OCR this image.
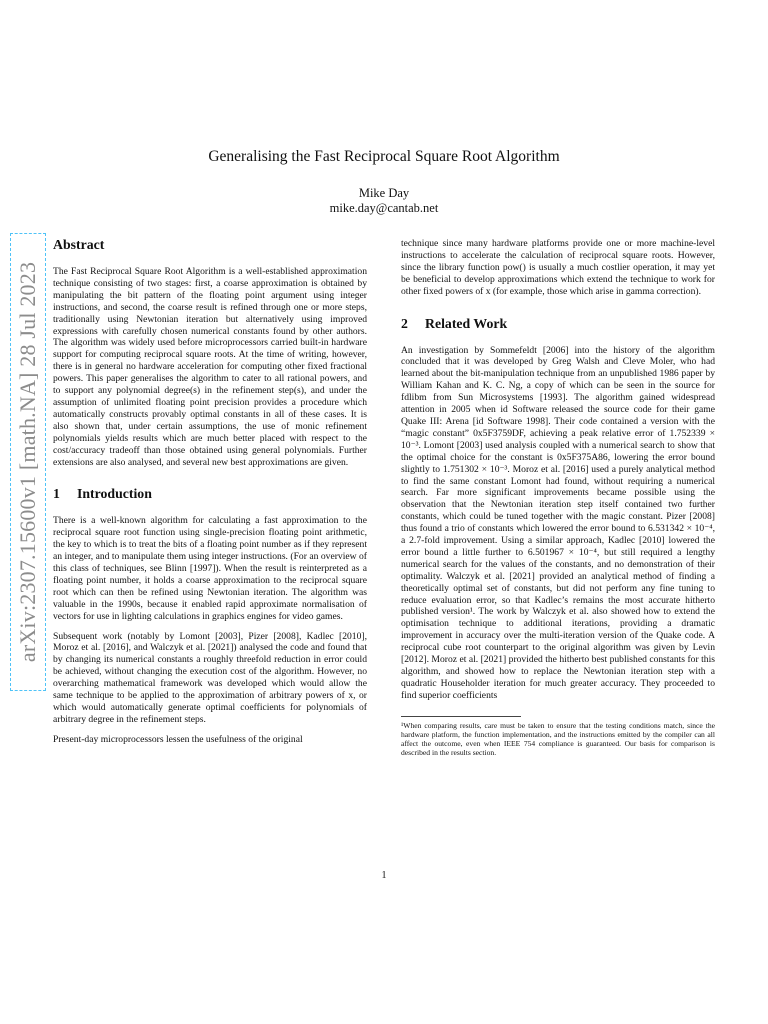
arXiv:2307.15600v1 [math.NA] 28 Jul 2023
Generalising the Fast Reciprocal Square Root Algorithm
Mike Day
mike.day@cantab.net
Abstract

The Fast Reciprocal Square Root Algorithm is a well-established approximation technique consisting of two stages: first, a coarse approximation is obtained by manipulating the bit pattern of the floating point argument using integer instructions, and second, the coarse result is refined through one or more steps, traditionally using Newtonian iteration but alternatively using improved expressions with carefully chosen numerical constants found by other authors. The algorithm was widely used before microprocessors carried built-in hardware support for computing reciprocal square roots. At the time of writing, however, there is in general no hardware acceleration for computing other fixed fractional powers. This paper generalises the algorithm to cater to all rational powers, and to support any polynomial degree(s) in the refinement step(s), and under the assumption of unlimited floating point precision provides a procedure which automatically constructs provably optimal constants in all of these cases. It is also shown that, under certain assumptions, the use of monic refinement polynomials yields results which are much better placed with respect to the cost/accuracy tradeoff than those obtained using general polynomials. Further extensions are also analysed, and several new best approximations are given.

1 Introduction

There is a well-known algorithm for calculating a fast approximation to the reciprocal square root function using single-precision floating point arithmetic, the key to which is to treat the bits of a floating point number as if they represent an integer, and to manipulate them using integer instructions. (For an overview of this class of techniques, see Blinn [1997]). When the result is reinterpreted as a floating point number, it holds a coarse approximation to the reciprocal square root which can then be refined using Newtonian iteration. The algorithm was valuable in the 1990s, because it enabled rapid approximate normalisation of vectors for use in lighting calculations in graphics engines for video games.

Subsequent work (notably by Lomont [2003], Pizer [2008], Kadlec [2010], Moroz et al. [2016], and Walczyk et al. [2021]) analysed the code and found that by changing its numerical constants a roughly threefold reduction in error could be achieved, without changing the execution cost of the algorithm. However, no overarching mathematical framework was developed which would allow the same technique to be applied to the approximation of arbitrary powers of x, or which would automatically generate optimal coefficients for polynomials of arbitrary degree in the refinement steps.

Present-day microprocessors lessen the usefulness of the original

technique since many hardware platforms provide one or more machine-level instructions to accelerate the calculation of reciprocal square roots. However, since the library function pow() is usually a much costlier operation, it may yet be beneficial to develop approximations which extend the technique to work for other fixed powers of x (for example, those which arise in gamma correction).

2 Related Work

An investigation by Sommefeldt [2006] into the history of the algorithm concluded that it was developed by Greg Walsh and Cleve Moler, who had learned about the bit-manipulation technique from an unpublished 1986 paper by William Kahan and K. C. Ng, a copy of which can be seen in the source for fdlibm from Sun Microsystems [1993]. The algorithm gained widespread attention in 2005 when id Software released the source code for their game Quake III: Arena [id Software 1998]. Their code contained a version with the “magic constant” 0x5F3759DF, achieving a peak relative error of 1.752339 × 10⁻³. Lomont [2003] used analysis coupled with a numerical search to show that the optimal choice for the constant is 0x5F375A86, lowering the error bound slightly to 1.751302 × 10⁻³. Moroz et al. [2016] used a purely analytical method to find the same constant Lomont had found, without requiring a numerical search. Far more significant improvements became possible using the observation that the Newtonian iteration step itself contained two further constants, which could be tuned together with the magic constant. Pizer [2008] thus found a trio of constants which lowered the error bound to 6.531342 × 10⁻⁴, a 2.7-fold improvement. Using a similar approach, Kadlec [2010] lowered the error bound a little further to 6.501967 × 10⁻⁴, but still required a lengthy numerical search for the values of the constants, and no demonstration of their optimality. Walczyk et al. [2021] provided an analytical method of finding a theoretically optimal set of constants, but did not perform any fine tuning to reduce evaluation error, so that Kadlec’s remains the most accurate hitherto published version¹. The work by Walczyk et al. also showed how to extend the optimisation technique to additional iterations, providing a dramatic improvement in accuracy over the multi-iteration version of the Quake code. A reciprocal cube root counterpart to the original algorithm was given by Levin [2012]. Moroz et al. [2021] provided the hitherto best published constants for this algorithm, and showed how to replace the Newtonian iteration step with a quadratic Householder iteration for much greater accuracy. They proceeded to find superior coefficients

¹When comparing results, care must be taken to ensure that the testing conditions match, since the hardware platform, the function implementation, and the instructions emitted by the compiler can all affect the outcome, even when IEEE 754 compliance is guaranteed. Our basis for comparison is described in the results section.
1
